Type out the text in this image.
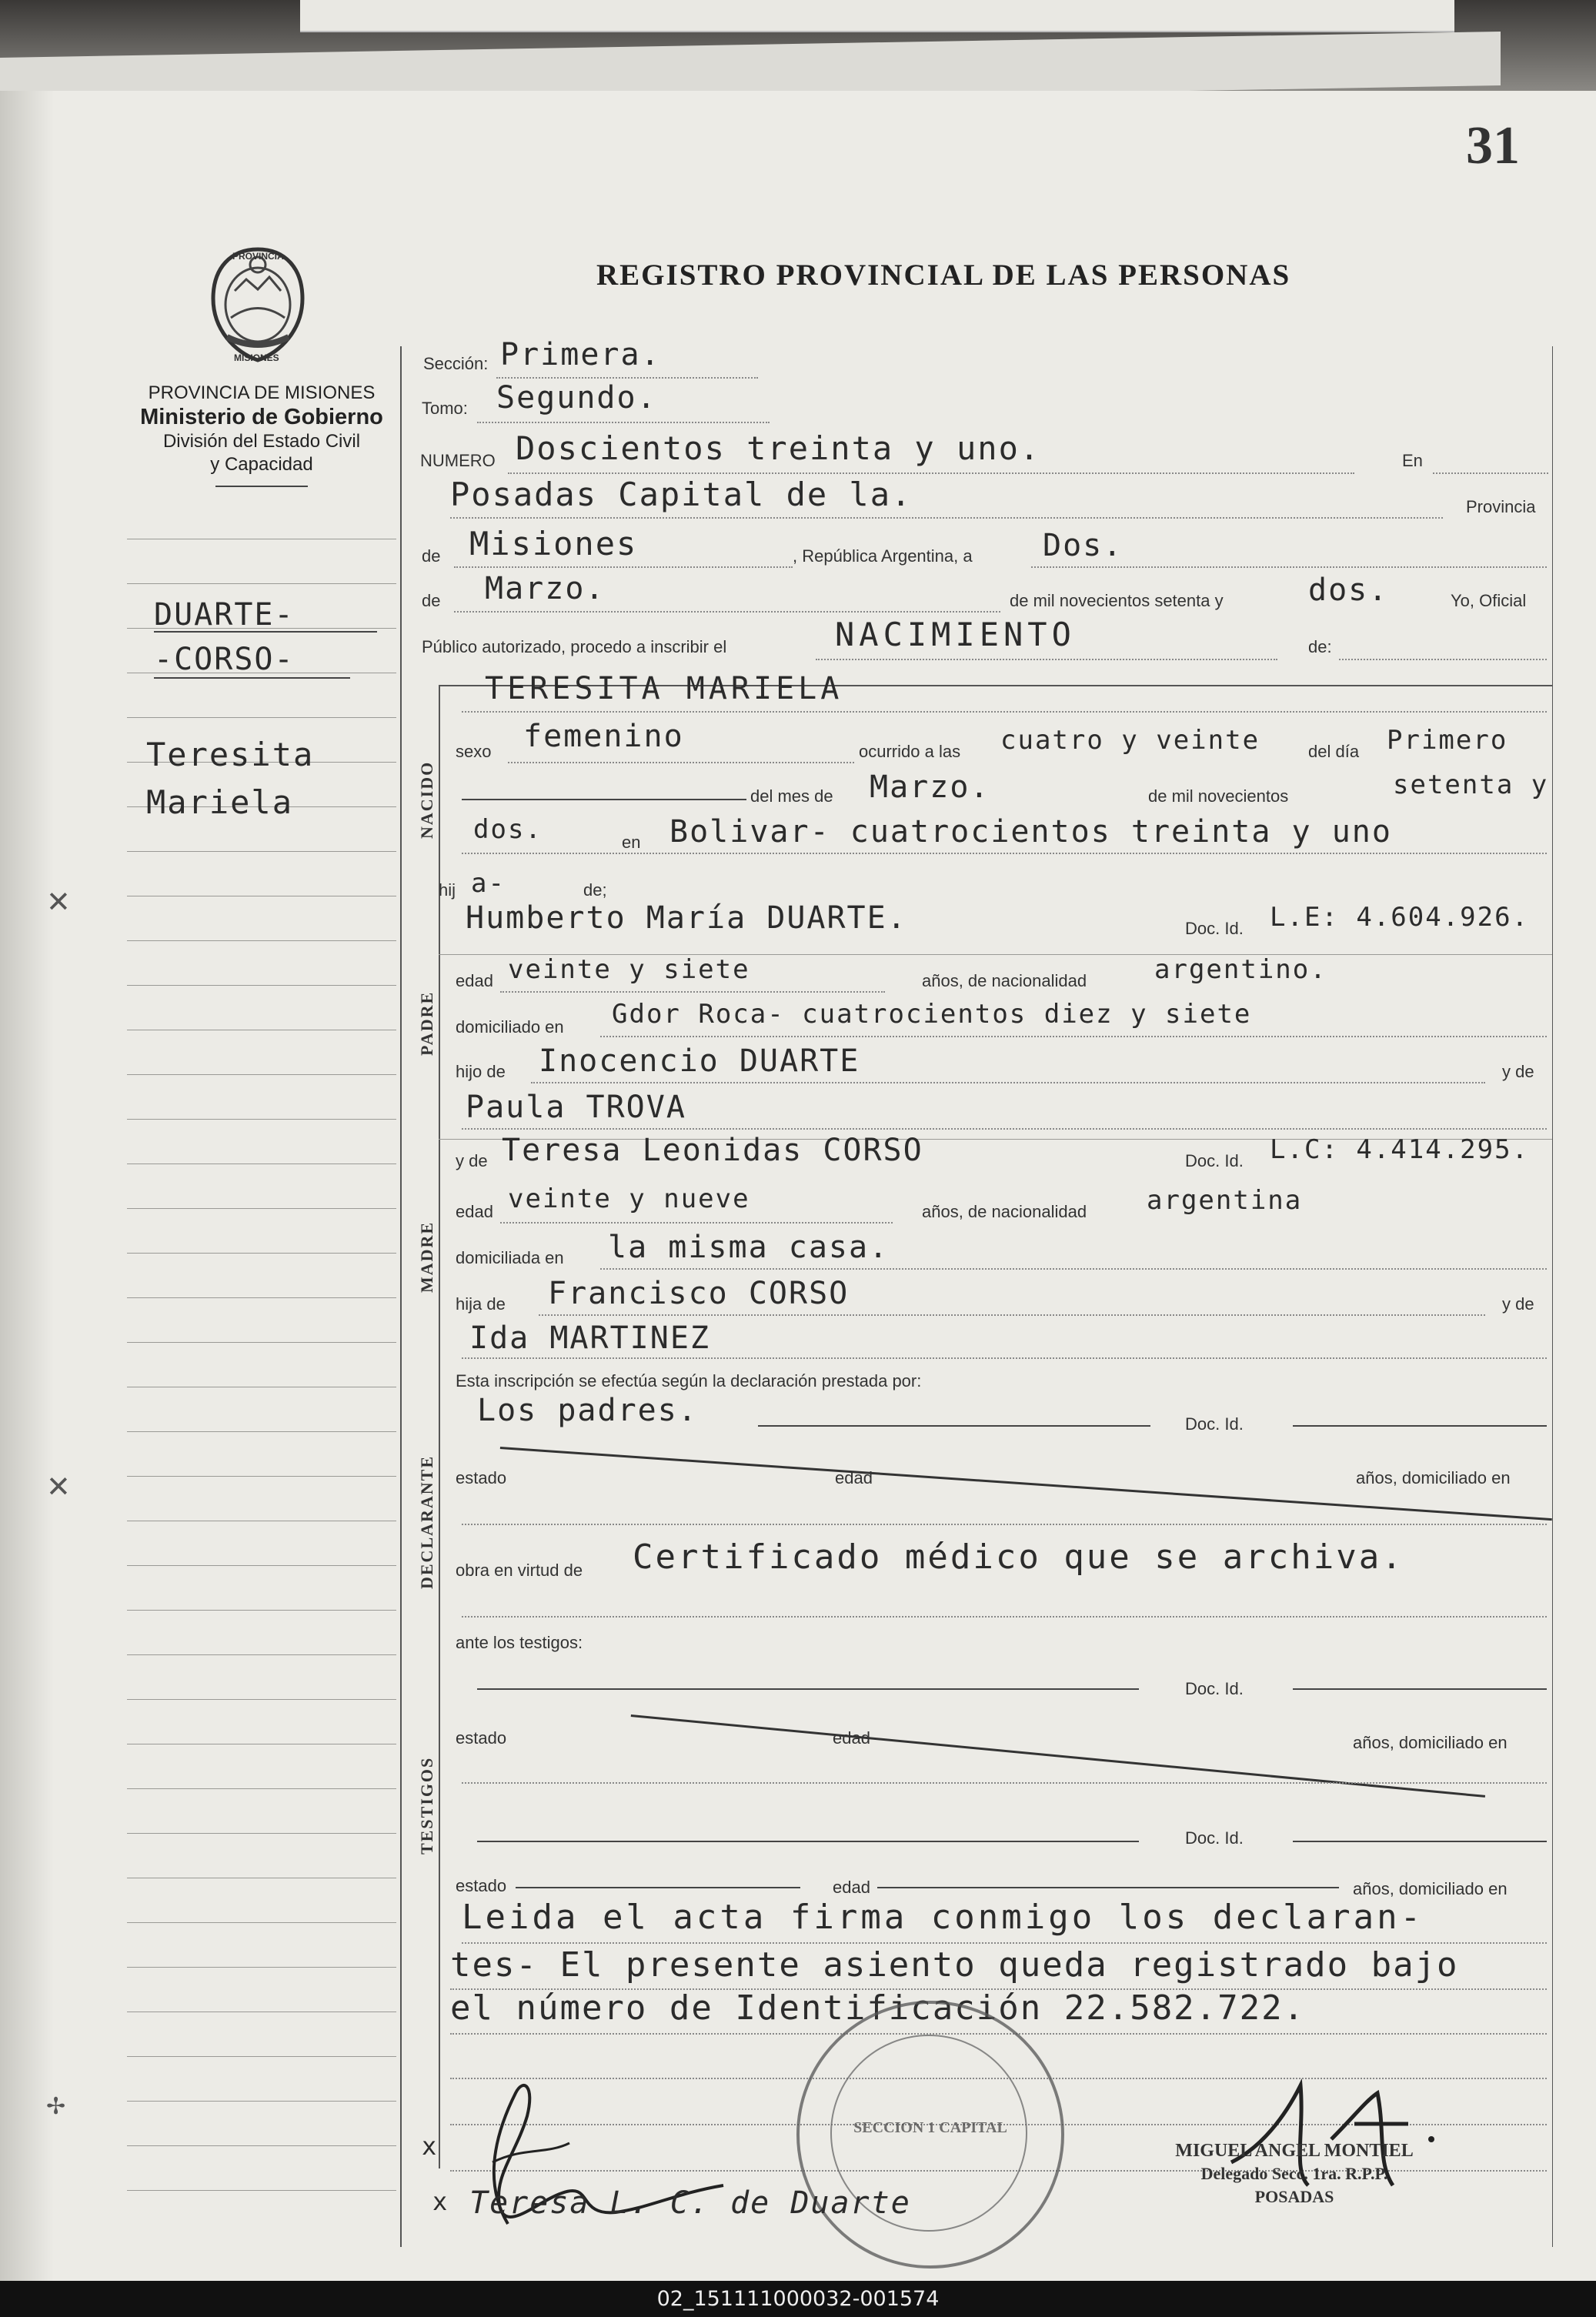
✕
✕
✢
31
REGISTRO PROVINCIAL DE LAS PERSONAS
PROVINCIA
MISIONES
PROVINCIA DE MISIONES
Ministerio de Gobierno
División del Estado Civil
y Capacidad
DUARTE-
-CORSO-
Teresita
Mariela	NACIDO
PADRE
MADRE
DECLARANTE
TESTIGOS
Sección: Primera.
Tomo: Segundo.
NUMERO Doscientos treinta y uno.	En
Posadas Capital de la.	Provincia
de Misiones	, República Argentina, a Dos.
de Marzo.	de mil novecientos setenta y	dos.	Yo, Oficial
Público autorizado, procedo a inscribir el	NACIMIENTO	de:
TERESITA MARIELA
sexo femenino	ocurrido a las cuatro y veinte	del día Primero
del mes de Marzo.	de mil novecientos	setenta y
dos.	en Bolivar- cuatrocientos treinta y uno
hij a-	de;
Humberto María DUARTE.	Doc. Id. L.E: 4.604.926.
edad veinte y siete	años, de nacionalidad	argentino.
domiciliado en Gdor Roca- cuatrocientos diez y siete
hijo de Inocencio DUARTE	y de
Paula TROVA
y de Teresa Leonidas CORSO	Doc. Id. L.C: 4.414.295.
edad veinte y nueve	años, de nacionalidad argentina
domiciliada en la misma casa.
hija de Francisco CORSO	y de
Ida MARTINEZ
Esta inscripción se efectúa según la declaración prestada por:
Los padres.	Doc. Id.
estado	edad	años, domiciliado en
obra en virtud de Certificado médico que se archiva.
ante los testigos:
Doc. Id.
estado	edad	años, domiciliado en
Doc. Id.
estado	edad	años, domiciliado en
Leida el acta firma conmigo los declaran-
tes- El presente asiento queda registrado bajo
el número de Identificación 22.582.722.
SECCION 1 CAPITAL
x
x Teresa L. C. de Duarte
MIGUEL ANGEL MONTIEL
Delegado Secc. 1ra. R.P.P.
POSADAS
02_151111000032-001574
